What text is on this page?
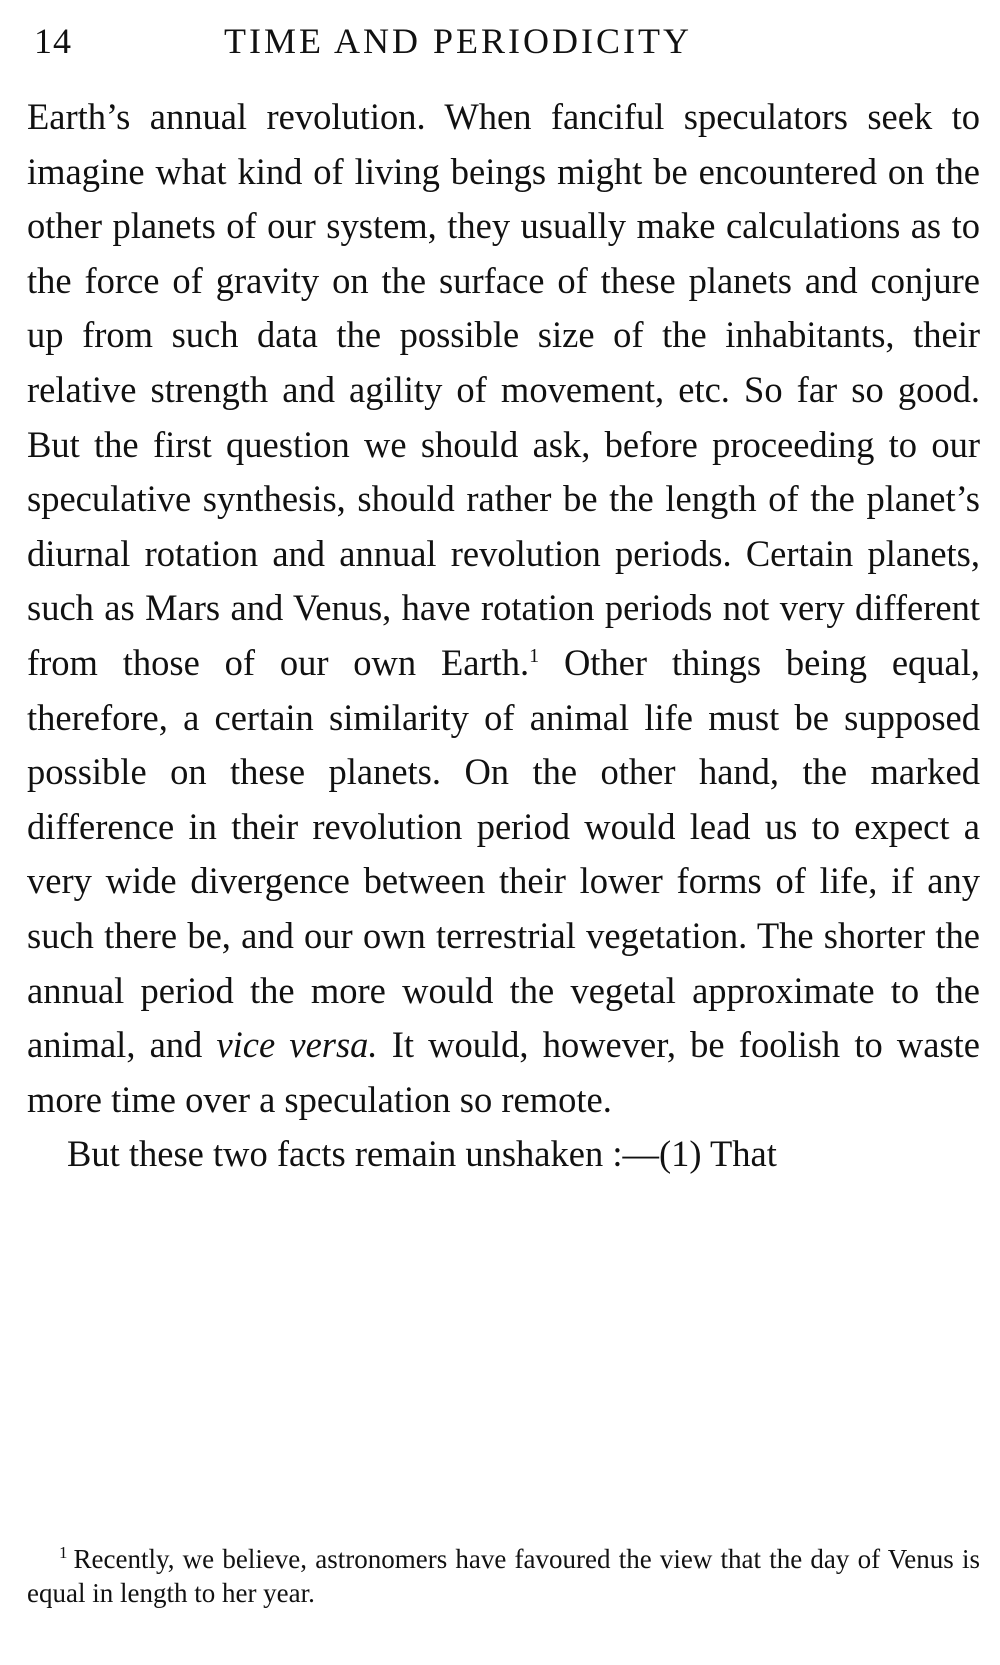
14	TIME AND PERIODICITY

Earth’s annual revolution. When fanciful speculators seek to imagine what kind of living beings might be encountered on the other planets of our system, they usually make calculations as to the force of gravity on the surface of these planets and conjure up from such data the possible size of the inhabitants, their relative strength and agility of movement, etc. So far so good. But the first question we should ask, before proceeding to our speculative synthesis, should rather be the length of the planet’s diurnal rotation and annual revolution periods. Certain planets, such as Mars and Venus, have rotation periods not very different from those of our own Earth.$^1$ Other things being equal, therefore, a certain similarity of animal life must be supposed possible on these planets. On the other hand, the marked difference in their revolution period would lead us to expect a very wide divergence between their lower forms of life, if any such there be, and our own terrestrial vegetation. The shorter the annual period the more would the vegetal approximate to the animal, and vice versa. It would, however, be foolish to waste more time over a speculation so remote.

But these two facts remain unshaken :—(1) That

$^1$ Recently, we believe, astronomers have favoured the view that the day of Venus is equal in length to her year.
